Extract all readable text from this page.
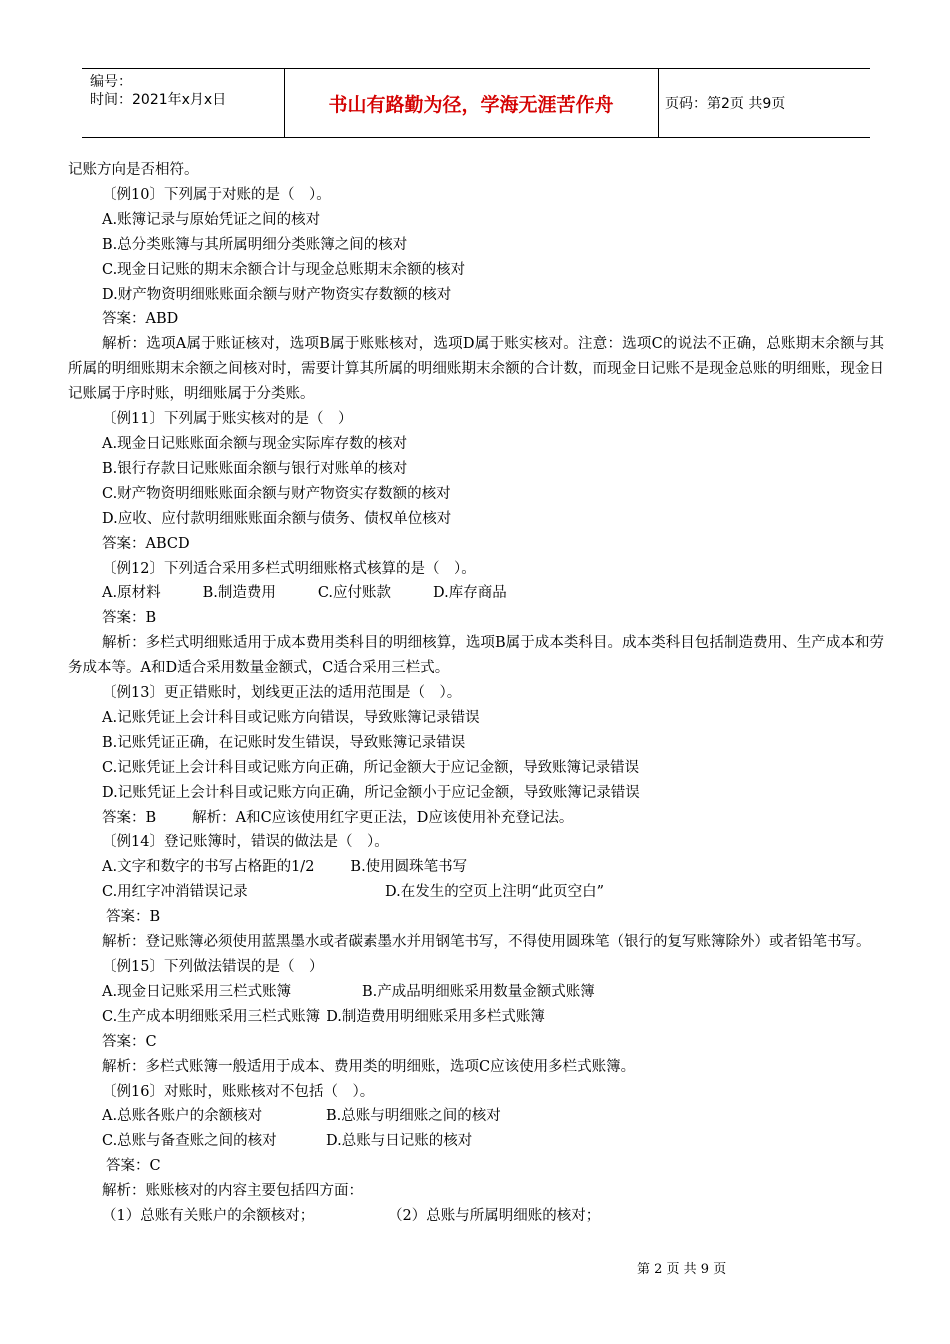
编号：
时间：2021年x月x日	书山有路勤为径，学海无涯苦作舟	页码：第2页 共9页
记账方向是否相符。
〔例10〕下列属于对账的是（　）。
A.账簿记录与原始凭证之间的核对
B.总分类账簿与其所属明细分类账簿之间的核对
C.现金日记账的期末余额合计与现金总账期末余额的核对
D.财产物资明细账账面余额与财产物资实存数额的核对
答案：ABD
解析：选项A属于账证核对，选项B属于账账核对，选项D属于账实核对。注意：选项C的说法不正确，总账期末余额与其所属的明细账期末余额之间核对时，需要计算其所属的明细账期末余额的合计数，而现金日记账不是现金总账的明细账，现金日记账属于序时账，明细账属于分类账。
〔例11〕下列属于账实核对的是（　）
A.现金日记账账面余额与现金实际库存数的核对
B.银行存款日记账账面余额与银行对账单的核对
C.财产物资明细账账面余额与财产物资实存数额的核对
D.应收、应付款明细账账面余额与债务、债权单位核对
答案：ABCD
〔例12〕下列适合采用多栏式明细账格式核算的是（　）。
A.原材料	B.制造费用	C.应付账款	D.库存商品
答案：B
解析：多栏式明细账适用于成本费用类科目的明细核算，选项B属于成本类科目。成本类科目包括制造费用、生产成本和劳务成本等。A和D适合采用数量金额式，C适合采用三栏式。
〔例13〕更正错账时，划线更正法的适用范围是（　）。
A.记账凭证上会计科目或记账方向错误，导致账簿记录错误
B.记账凭证正确，在记账时发生错误，导致账簿记录错误
C.记账凭证上会计科目或记账方向正确，所记金额大于应记金额，导致账簿记录错误
D.记账凭证上会计科目或记账方向正确，所记金额小于应记金额，导致账簿记录错误
答案：B 解析：A和C应该使用红字更正法，D应该使用补充登记法。
〔例14〕登记账簿时，错误的做法是（　）。
A.文字和数字的书写占格距的1/2 B.使用圆珠笔书写
C.用红字冲消错误记录	D.在发生的空页上注明“此页空白”
答案：B
解析：登记账簿必须使用蓝黑墨水或者碳素墨水并用钢笔书写，不得使用圆珠笔（银行的复写账簿除外）或者铅笔书写。
〔例15〕下列做法错误的是（　）
A.现金日记账采用三栏式账簿	B.产成品明细账采用数量金额式账簿
C.生产成本明细账采用三栏式账簿 D.制造费用明细账采用多栏式账簿
答案：C
解析：多栏式账簿一般适用于成本、费用类的明细账，选项C应该使用多栏式账簿。
〔例16〕对账时，账账核对不包括（　）。
A.总账各账户的余额核对	B.总账与明细账之间的核对
C.总账与备查账之间的核对	D.总账与日记账的核对
答案：C
解析：账账核对的内容主要包括四方面：
（1）总账有关账户的余额核对；	（2）总账与所属明细账的核对；
第 2 页 共 9 页
